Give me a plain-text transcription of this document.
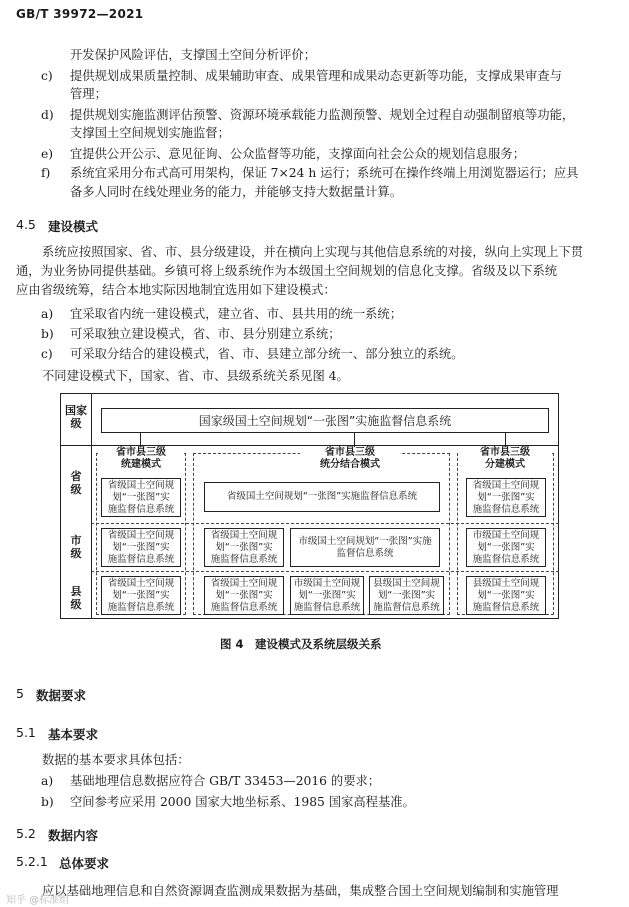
GB/T 39972—2021
开发保护风险评估，支撑国土空间分析评价；
c) 提供规划成果质量控制、成果辅助审查、成果管理和成果动态更新等功能，支撑成果审查与
管理；
d) 提供规划实施监测评估预警、资源环境承载能力监测预警、规划全过程自动强制留痕等功能，
支撑国土空间规划实施监督；
e) 宜提供公开公示、意见征询、公众监督等功能，支撑面向社会公众的规划信息服务；
f) 系统宜采用分布式高可用架构，保证 7×24 h 运行；系统可在操作终端上用浏览器运行；应具
备多人同时在线处理业务的能力，并能够支持大数据量计算。
4.5 建设模式
系统应按照国家、省、市、县分级建设，并在横向上实现与其他信息系统的对接，纵向上实现上下贯
通，为业务协同提供基础。乡镇可将上级系统作为本级国土空间规划的信息化支撑。省级及以下系统
应由省级统筹，结合本地实际因地制宜选用如下建设模式：
a) 宜采取省内统一建设模式，建立省、市、县共用的统一系统；
b) 可采取独立建设模式，省、市、县分别建立系统；
c) 可采取分结合的建设模式，省、市、县建立部分统一、部分独立的系统。
不同建设模式下，国家、省、市、县级系统关系见图 4。
国家
级
省
级
市
级
县
级
国家级国土空间规划“一张图”实施监督信息系统
省市县三级
统建模式
省市县三级
统分结合模式
省市县三级
分建模式
省级国土空间规
划“一张图”实
施监督信息系统
省级国土空间规
划“一张图”实
施监督信息系统
省级国土空间规
划“一张图”实
施监督信息系统
省级国土空间规划“一张图”实施监督信息系统
省级国土空间规
划“一张图”实
施监督信息系统
市级国土空间规划“一张图”实施
监督信息系统
省级国土空间规
划“一张图”实
施监督信息系统
市级国土空间规
划“一张图”实
施监督信息系统
县级国土空间规
划“一张图”实
施监督信息系统
省级国土空间规
划“一张图”实
施监督信息系统
市级国土空间规
划“一张图”实
施监督信息系统
县级国土空间规
划“一张图”实
施监督信息系统
图 4　建设模式及系统层级关系
5 数据要求
5.1 基本要求
数据的基本要求具体包括：
a) 基础地理信息数据应符合 GB/T 33453—2016 的要求；
b) 空间参考应采用 2000 国家大地坐标系、1985 国家高程基准。
5.2 数据内容
5.2.1 总体要求
应以基础地理信息和自然资源调查监测成果数据为基础，集成整合国土空间规划编制和实施管理
知乎 @标准组
